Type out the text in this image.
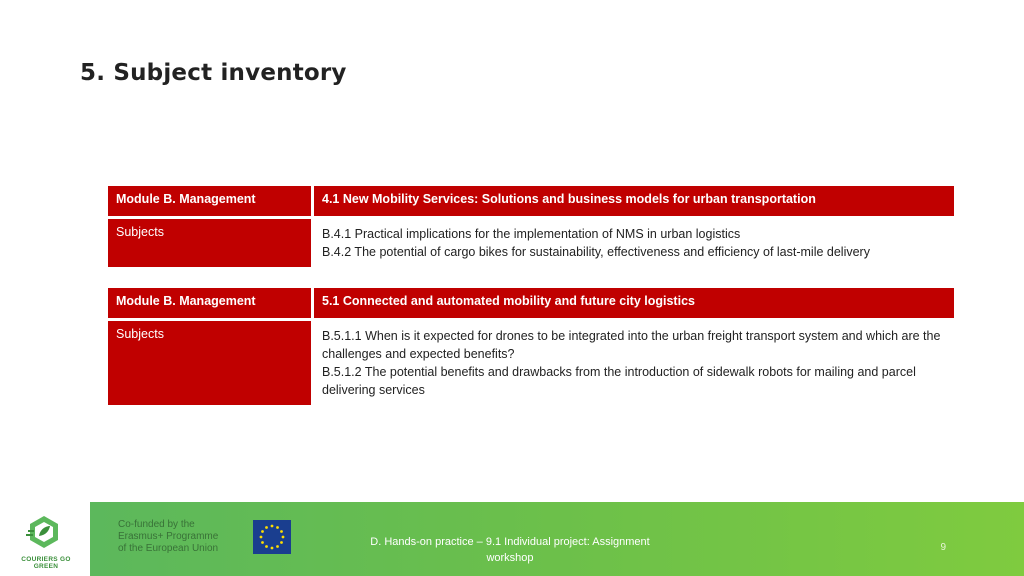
5. Subject inventory
Module B. Management	4.1 New Mobility Services: Solutions and business models for urban transportation
Subjects	B.4.1 Practical implications for the implementation of NMS in urban logistics
B.4.2 The potential of cargo bikes for sustainability, effectiveness and efficiency of last-mile delivery
Module B. Management	5.1 Connected and automated mobility and future city logistics
Subjects	B.5.1.1 When is it expected for drones to be integrated into the urban freight transport system and which are the challenges and expected benefits?
B.5.1.2 The potential benefits and drawbacks from the introduction of sidewalk robots for mailing and parcel delivering services
COURIERS GO GREEN
Co-funded by the
Erasmus+ Programme
of the European Union
D. Hands-on practice – 9.1 Individual project: Assignment workshop
9
